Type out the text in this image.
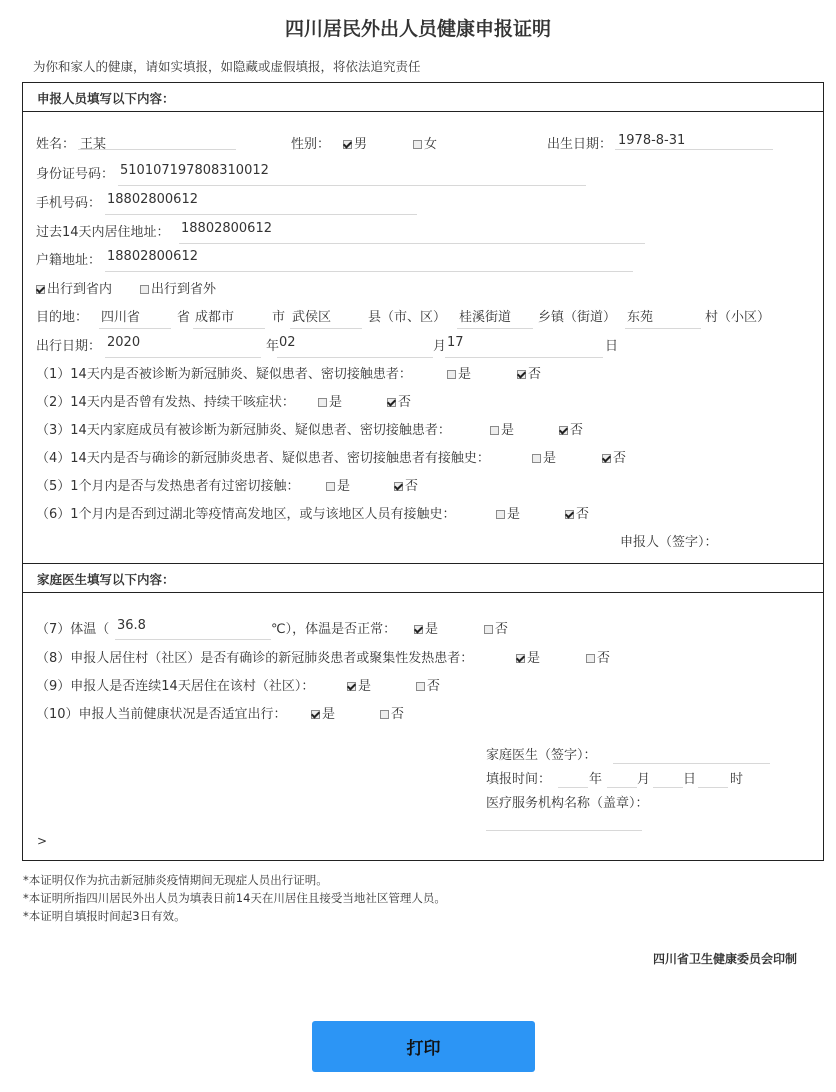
四川居民外出人员健康申报证明
为你和家人的健康，请如实填报，如隐藏或虚假填报，将依法追究责任
申报人员填写以下内容：
姓名： 王某	性别：	男	女	出生日期： 1978-8-31
身份证号码： 510107197808310012
手机号码： 18802800612
过去14天内居住地址： 18802800612
户籍地址： 18802800612
出行到省内	出行到省外
目的地： 四川省	省 成都市	市 武侯区	县（市、区） 桂溪街道 乡镇（街道） 东苑	村（小区）
出行日期： 2020	年 02	月 17	日
（1）14天内是否被诊断为新冠肺炎、疑似患者、密切接触患者：	是	否
（2）14天内是否曾有发热、持续干咳症状：	是	否
（3）14天内家庭成员有被诊断为新冠肺炎、疑似患者、密切接触患者：	是	否
（4）14天内是否与确诊的新冠肺炎患者、疑似患者、密切接触患者有接触史：	是	否
（5）1个月内是否与发热患者有过密切接触：	是	否
（6）1个月内是否到过湖北等疫情高发地区，或与该地区人员有接触史：	是	否
申报人（签字）：
家庭医生填写以下内容：
（7）体温（ 36.8	℃），体温是否正常：	是	否
（8）申报人居住村（社区）是否有确诊的新冠肺炎患者或聚集性发热患者：	是	否
（9）申报人是否连续14天居住在该村（社区）：	是	否
（10）申报人当前健康状况是否适宜出行：	是	否
家庭医生（签字）：
填报时间：	年	月	日	时
医疗服务机构名称（盖章）：
>
*本证明仅作为抗击新冠肺炎疫情期间无现症人员出行证明。
*本证明所指四川居民外出人员为填表日前14天在川居住且接受当地社区管理人员。
*本证明自填报时间起3日有效。
四川省卫生健康委员会印制
打印
